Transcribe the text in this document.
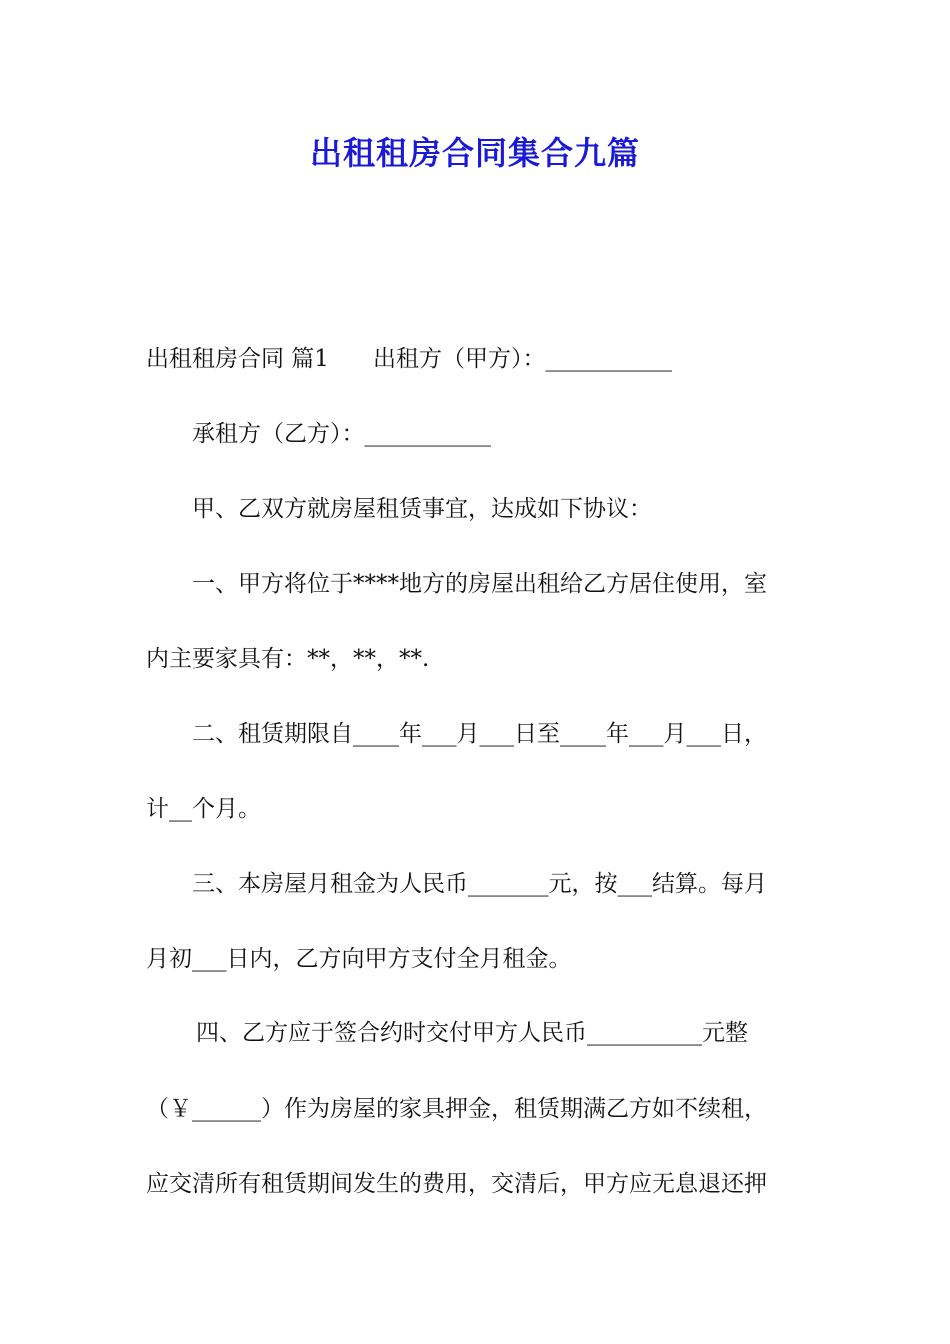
出租租房合同集合九篇
出租租房合同 篇1 出租方（甲方）：___________
承租方（乙方）：___________
甲、乙双方就房屋租赁事宜，达成如下协议：
一、甲方将位于****地方的房屋出租给乙方居住使用，室
内主要家具有：**，**，**.
二、租赁期限自____年___月___日至____年___月___日，
计__个月。
三、本房屋月租金为人民币_______元，按___结算。每月
月初___日内，乙方向甲方支付全月租金。
四、乙方应于签合约时交付甲方人民币__________元整
（￥______）作为房屋的家具押金，租赁期满乙方如不续租，
应交清所有租赁期间发生的费用，交清后，甲方应无息退还押
